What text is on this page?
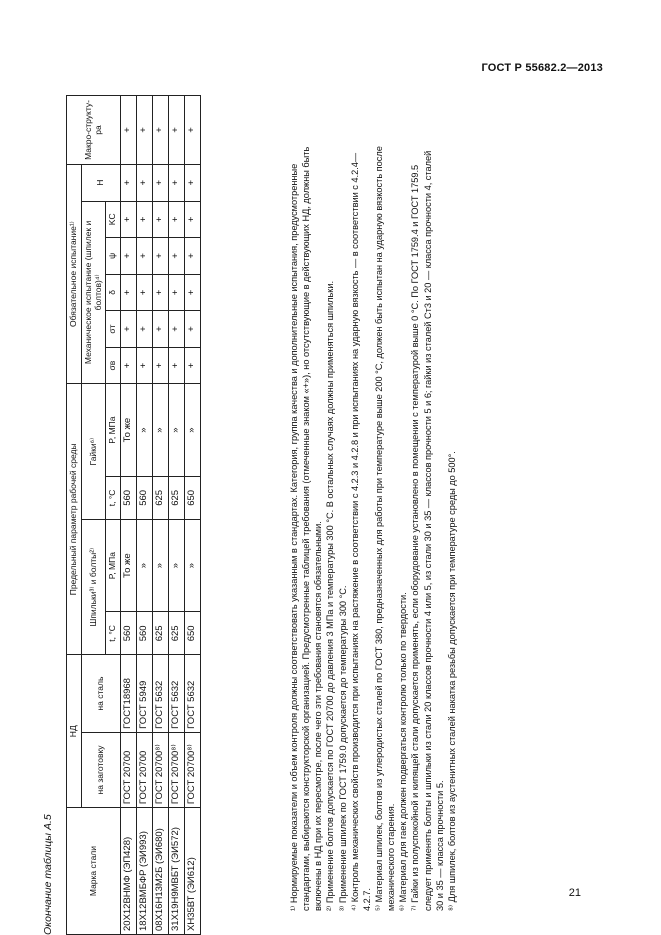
ГОСТ Р 55682.2—2013
Окончание таблицы А.5	Марка стали	НД		Предельный параметр рабочей среды				Обязательное испытание¹⁾						Макро-структу-ра
	на заготовку	на сталь	Шпильки³⁾ и болты²⁾		Гайки⁶⁾		Механическое испытание (шпилек и болтов)⁴⁾					Н	
			t, °С	P, МПа	t, °С	P, МПа	σв	σт	δ	ψ	KС		
20Х12ВНМФ (ЭП428)	ГОСТ 20700	ГОСТ18968	560	То же	560	То же	+	+	+	+	+	+	+
18Х12ВМБФР (ЭИ993)	ГОСТ 20700	ГОСТ 5949	560	»	560	»	+	+	+	+	+	+	+
08Х16Н13М2Б (ЭИ680)	ГОСТ 20700⁸⁾	ГОСТ 5632	625	»	625	»	+	+	+	+	+	+	+
31Х19Н9МВБТ (ЭИ572)	ГОСТ 20700⁸⁾	ГОСТ 5632	625	»	625	»	+	+	+	+	+	+	+
ХН35ВТ (ЭИ612)	ГОСТ 20700⁸⁾	ГОСТ 5632	650	»	650	»	+	+	+	+	+	+	+

¹⁾ Нормируемые показатели и объем контроля должны соответствовать указанным в стандартах. Категория, группа качества и дополнительные испытания, предусмотренные стандартами, выбираются конструкторской организацией. Предусмотренные таблицей требования (отмеченные знаком «+»), но отсутствующие в действующих НД, должны быть включены в НД при их пересмотре, после чего эти требования становятся обязательными. ²⁾ Применение болтов допускается по ГОСТ 20700 до давления 3 МПа и температуры 300 °С. В остальных случаях должны применяться шпильки. ³⁾ Применение шпилек по ГОСТ 1759.0 допускается до температуры 300 °С. ⁴⁾ Контроль механических свойств производится при испытаниях на растяжение в соответствии с 4.2.3 и 4.2.8 и при испытаниях на ударную вязкость — в соответствии с 4.2.4—4.2.7. ⁵⁾ Материал шпилек, болтов из углеродистых сталей по ГОСТ 380, предназначенных для работы при температуре выше 200 °С, должен быть испытан на ударную вязкость после механического старения. ⁶⁾ Материал для гаек должен подвергаться контролю только по твердости. ⁷⁾ Гайки из полуспокойной и кипящей стали допускается применять, если оборудование установлено в помещении с температурой выше 0 °С. По ГОСТ 1759.4 и ГОСТ 1759.5 следует применять болты и шпильки из стали 20 классов прочности 4 или 5, из стали 30 и 35 — классов прочности 5 и 6; гайки из сталей Ст3 и 20 — класса прочности 4, сталей 30 и 35 — класса прочности 5. ⁸⁾ Для шпилек, болтов из аустенитных сталей накатка резьбы допускается при температуре среды до 500°.	21
